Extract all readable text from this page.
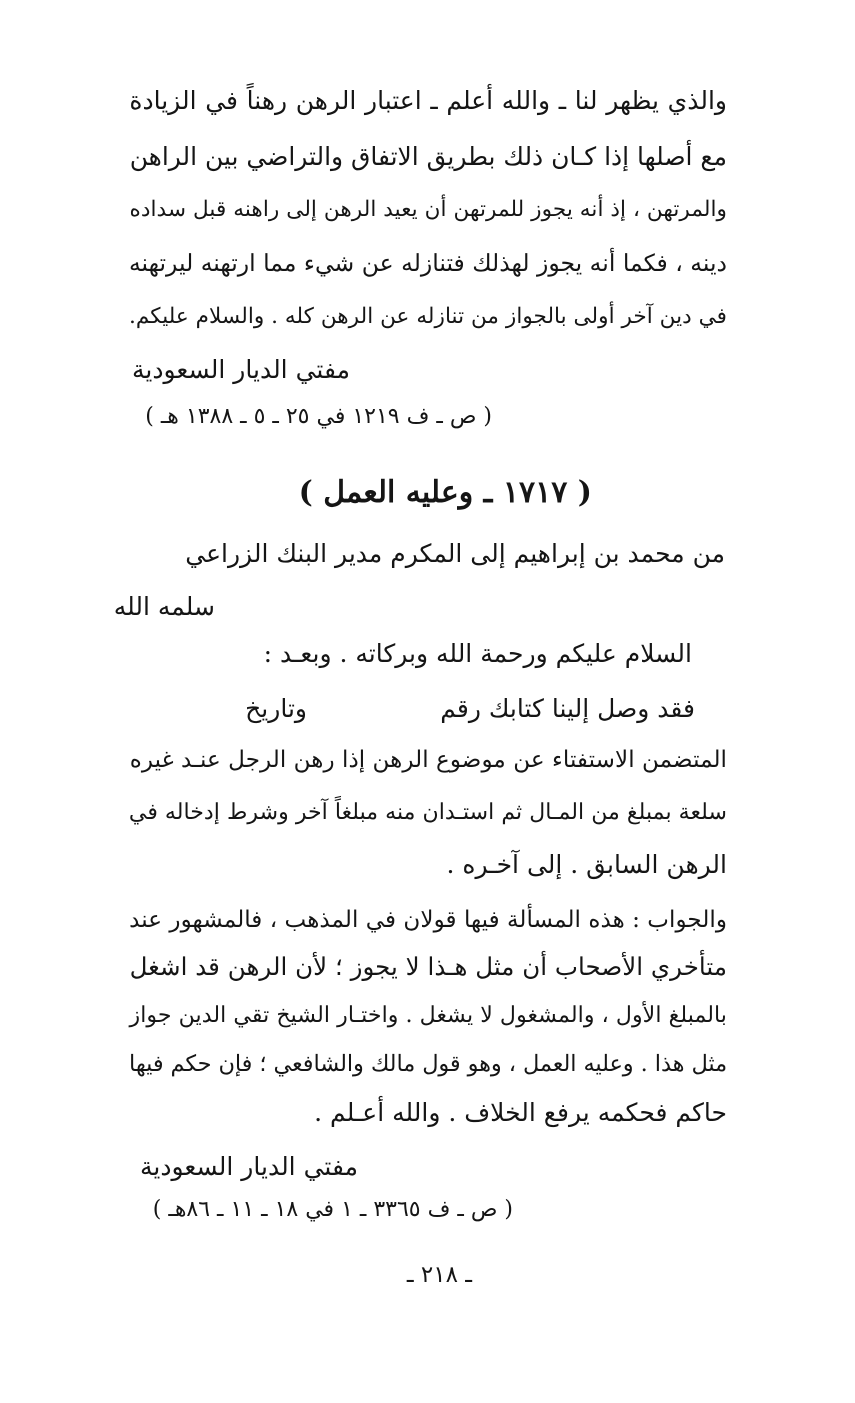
والذي يظهر لنا ـ والله أعلم ـ اعتبار الرهن رهناً في الزيادة
مع أصلها إذا كـان ذلك بطريق الاتفاق والتراضي بين الراهن
والمرتهن ، إذ أنه يجوز للمرتهن أن يعيد الرهن إلى راهنه قبل سداده
دينه ، فكما أنه يجوز لهذلك فتنازله عن شيء مما ارتهنه ليرتهنه
في دين آخر أولى بالجواز من تنازله عن الرهن كله . والسلام عليكم.
مفتي الديار السعودية
( ص ـ ف ١٢١٩ في ٢٥ ـ ٥ ـ ١٣٨٨ هـ )
( ١٧١٧ ـ وعليه العمل )
من محمد بن إبراهيم إلى المكرم مدير البنك الزراعي
سلمه الله
السلام عليكم ورحمة الله وبركاته . وبعـد :
فقد وصل إلينا كتابك رقم
وتاريخ
المتضمن الاستفتاء عن موضوع الرهن إذا رهن الرجل عنـد غيره
سلعة بمبلغ من المـال ثم استـدان منه مبلغاً آخر وشرط إدخاله في
الرهن السابق . إلى آخـره .
والجواب : هذه المسألة فيها قولان في المذهب ، فالمشهور عند
متأخري الأصحاب أن مثل هـذا لا يجوز ؛ لأن الرهن قد اشغل
بالمبلغ الأول ، والمشغول لا يشغل . واختـار الشيخ تقي الدين جواز
مثل هذا . وعليه العمل ، وهو قول مالك والشافعي ؛ فإن حكم فيها
حاكم فحكمه يرفع الخلاف . والله أعـلم .
مفتي الديار السعودية
( ص ـ ف ٣٣٦٥ ـ ١ في ١٨ ـ ١١ ـ ٨٦هـ )
ـ ٢١٨ ـ
